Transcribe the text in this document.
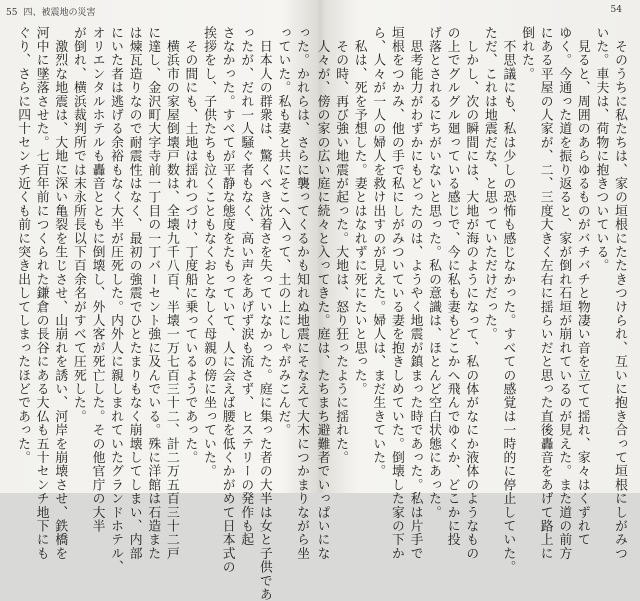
55 四、被震地の災害
った。かれらは、さらに襲ってくるかも知れぬ地震にそなえて大木につかまりながら坐
っていた。私も妻と共にそこへ入って、土の上にしゃがみこんだ。
　日本人の群衆は、驚くべき沈着さを失っていなかった。庭に集った者の大半は女と子供であ
ったが、だれ一人騒ぐ者もなく、高い声をあげず涙も流さず、ヒステリーの発作も起
さなかった。すべてが平静な態度をたもっていて、人に会えば腰を低くかがめて日本式の
挨拶をし、子供たちも泣くこともなくおとなしく母親の傍に坐っていた。
　その間にも、土地は揺れつづけ、丁度船に乗っているようであった。
　横浜市の家屋倒壊戸数は、全壊九千八百、半壊一万七百三十二、計二万五百三十二戸
に達し、金沢町大字寺前一丁目の一丁バーセント強に及んでいる。殊に洋館は石造また
は煉瓦造りなので耐震性はなく、最初の強震でひとたまりもなく崩壊してしまい、内部
にいた者は逃げる余裕もなく大半が圧死した。内外人に親しまれていたグランドホテル、
オリエンタルホテルも轟音とともに倒壊し、外人客が死亡した。その他官庁の大半
が倒れ、横浜裁判所では末永所長以下百余名がすべて圧死した。
　激烈な地震は、大地に深い亀裂を生じさせ、山崩れを誘い、河岸を崩壊させ、鉄橋を
河中に墜落させた。七百年前につくられた鎌倉の長谷にある大仏も五十センチ地下にも
ぐり、さらに四十センチ近くも前に突き出してしまったほどであった。
54
　そのうちに私たちは、家の垣根にたたきつけられ、互いに抱き合って垣根にしがみつ
いた。車夫は、荷物に抱きついている。
　見ると、周囲のあらゆるものがバチバチと物凄い音を立てて揺れ、家々はくずれて
ゆく。今通った道を振り返ると、家が倒れ石垣が崩れているのが見えた。また道の前方
にある平屋の人家が、二、三度大きく左右に揺らいだと思った直後轟音をあげて路上に
倒れた。
　不思議にも、私は少しの恐怖も感じなかった。すべての感覚は一時的に停止していた。
ただ、これは地震だな、と思っていただけだった。
　しかし、次の瞬間には、大地が海のようになって、私の体がなにか液体のようなもの
の上でグルグル廻っている感じで、今に私も妻もどこかへ飛んでゆくか、どこかに投
げ落とされるにちがいないと思った。私の意識は、ほとんど空白状態にあった。
　思考能力がわずかにもどったのは、ようやく地震が鎮まった時であった。私は片手で
垣根をつかみ、他の手で私にしがみついている妻を抱きしめていた。倒壊した家の下か
ら、人々が一人の婦人を救け出すのが見えた。婦人は、まだ生きていた。
　私は、死を予想した。妻とはなれずに死にたいと思った。
　その時、再び強い地震が起った。大地は、怒り狂ったように揺れた。
　人々が、傍の家の広い庭に続々と入ってきた。庭は、たちまち避難者でいっぱいにな
